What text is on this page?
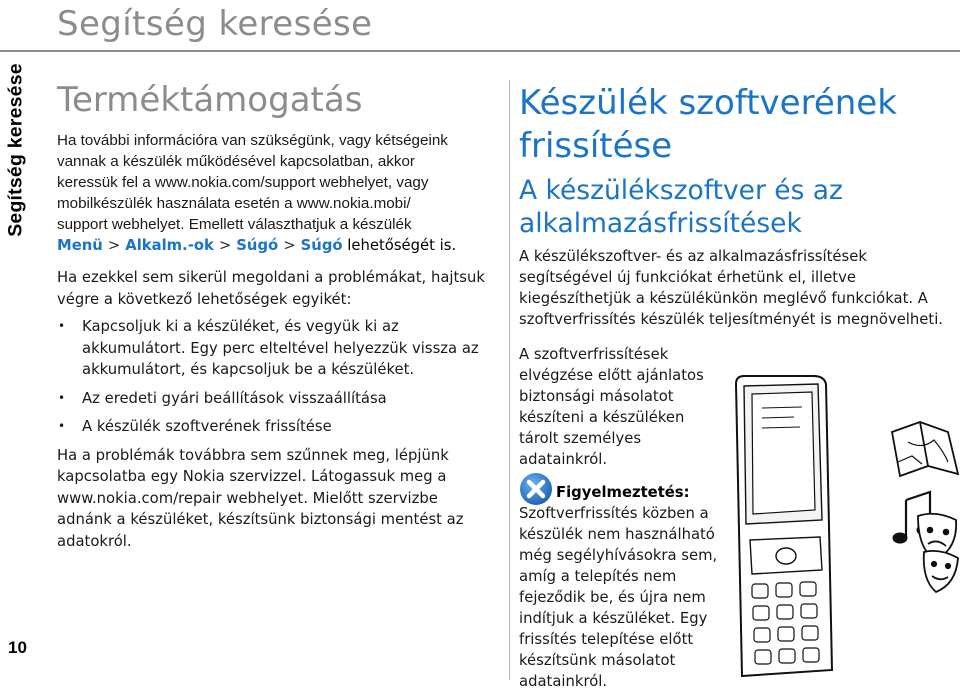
Segítség keresése
10
Segítség keresése
Terméktámogatás
Ha további információra van szükségünk, vagy kétségeink
vannak a készülék működésével kapcsolatban, akkor
keressük fel a www.nokia.com/support webhelyet, vagy
mobilkészülék használata esetén a www.nokia.mobi/
support webhelyet. Emellett választhatjuk a készülék

Menü > Alkalm.-ok > Súgó > Súgó lehetőségét is.

Ha ezekkel sem sikerül megoldani a problémákat, hajtsuk
végre a következő lehetőségek egyikét:
• Kapcsoljuk ki a készüléket, és vegyük ki az akkumulátort. Egy perc elteltével helyezzük vissza az akkumulátort, és kapcsoljuk be a készüléket.
• Az eredeti gyári beállítások visszaállítása
• A készülék szoftverének frissítése
Ha a problémák továbbra sem szűnnek meg, lépjünk
kapcsolatba egy Nokia szervizzel. Látogassuk meg a
www.nokia.com/repair webhelyet. Mielőtt szervizbe
adnánk a készüléket, készítsünk biztonsági mentést az
adatokról.
Készülék szoftverének
frissítése
A készülékszoftver és az
alkalmazásfrissítések
A készülékszoftver- és az alkalmazásfrissítések
segítségével új funkciókat érhetünk el, illetve
kiegészíthetjük a készülékünkön meglévő funkciókat. A
szoftverfrissítés készülék teljesítményét is megnövelheti.
A szoftverfrissítések
elvégzése előtt ajánlatos
biztonsági másolatot
készíteni a készüléken
tárolt személyes
adatainkról.

Figyelmeztetés:

Szoftverfrissítés közben a
készülék nem használható
még segélyhívásokra sem,
amíg a telepítés nem
fejeződik be, és újra nem
indítjuk a készüléket. Egy
frissítés telepítése előtt
készítsünk másolatot
adatainkról.
